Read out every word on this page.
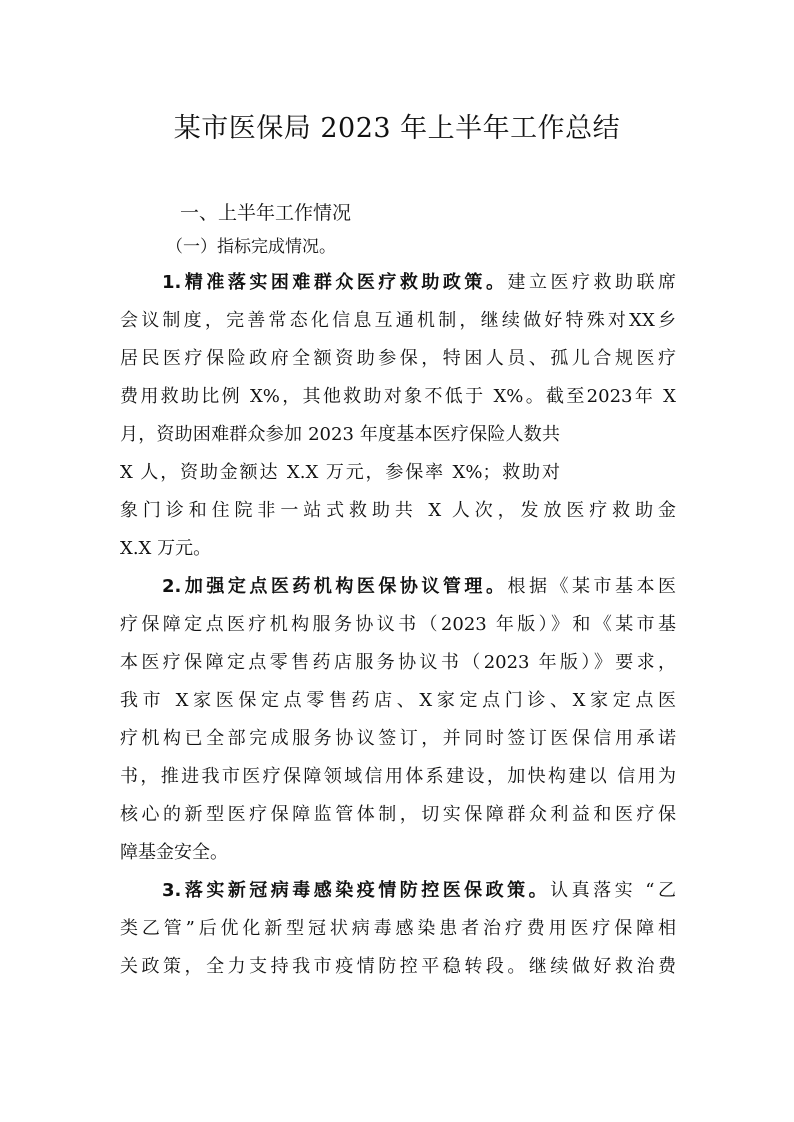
某市医保局 2023 年上半年工作总结
一、上半年工作情况
（一）指标完成情况。
1.精准落实困难群众医疗救助政策。建立医疗救助联席
会议制度，完善常态化信息互通机制，继续做好特殊对XX乡
居民医疗保险政府全额资助参保，特困人员、孤儿合规医疗
费用救助比例 X%，其他救助对象不低于 X%。截至2023年 X
月，资助困难群众参加 2023 年度基本医疗保险人数共
X 人，资助金额达 X.X 万元，参保率 X%；救助对
象门诊和住院非一站式救助共 X 人次，发放医疗救助金
X.X 万元。
2.加强定点医药机构医保协议管理。根据《某市基本医
疗保障定点医疗机构服务协议书（2023 年版）》和《某市基
本医疗保障定点零售药店服务协议书（2023 年版）》要求，
我市 X家医保定点零售药店、X家定点门诊、X家定点医
疗机构已全部完成服务协议签订，并同时签订医保信用承诺
书，推进我市医疗保障领域信用体系建设，加快构建以 信用为
核心的新型医疗保障监管体制，切实保障群众利益和医疗保
障基金安全。
3.落实新冠病毒感染疫情防控医保政策。认真落实 “乙
类乙管”后优化新型冠状病毒感染患者治疗费用医疗保障相
关政策，全力支持我市疫情防控平稳转段。继续做好救治费
